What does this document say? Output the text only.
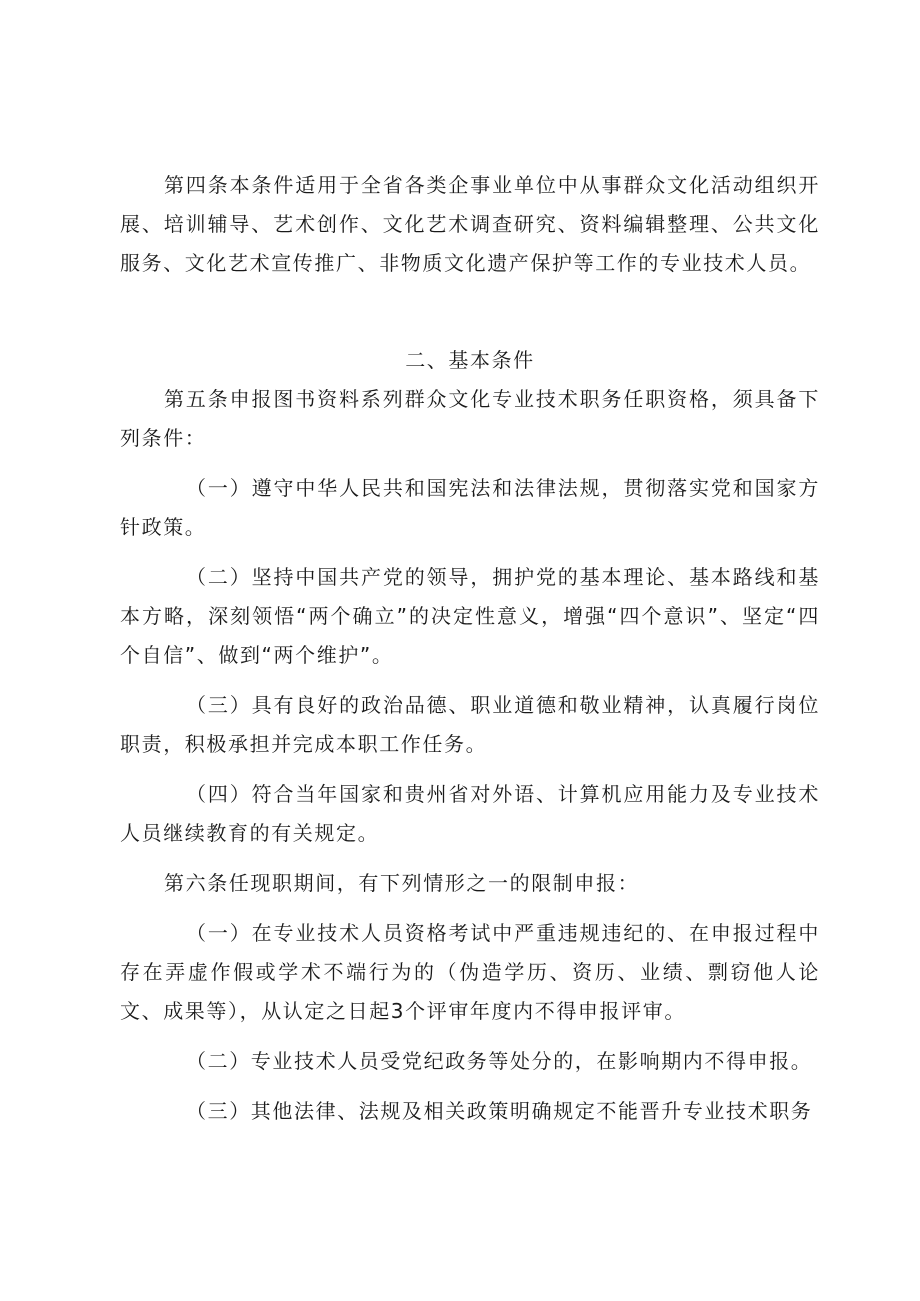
第四条本条件适用于全省各类企事业单位中从事群众文化活动组织开展、培训辅导、艺术创作、文化艺术调查研究、资料编辑整理、公共文化服务、文化艺术宣传推广、非物质文化遗产保护等工作的专业技术人员。

二、基本条件

第五条申报图书资料系列群众文化专业技术职务任职资格，须具备下列条件：

（一）遵守中华人民共和国宪法和法律法规，贯彻落实党和国家方针政策。

（二）坚持中国共产党的领导，拥护党的基本理论、基本路线和基本方略，深刻领悟“两个确立”的决定性意义，增强“四个意识”、坚定“四个自信”、做到“两个维护”。

（三）具有良好的政治品德、职业道德和敬业精神，认真履行岗位职责，积极承担并完成本职工作任务。

（四）符合当年国家和贵州省对外语、计算机应用能力及专业技术人员继续教育的有关规定。

第六条任现职期间，有下列情形之一的限制申报：

（一）在专业技术人员资格考试中严重违规违纪的、在申报过程中存在弄虚作假或学术不端行为的（伪造学历、资历、业绩、剽窃他人论文、成果等），从认定之日起3个评审年度内不得申报评审。

（二）专业技术人员受党纪政务等处分的，在影响期内不得申报。

（三）其他法律、法规及相关政策明确规定不能晋升专业技术职务
